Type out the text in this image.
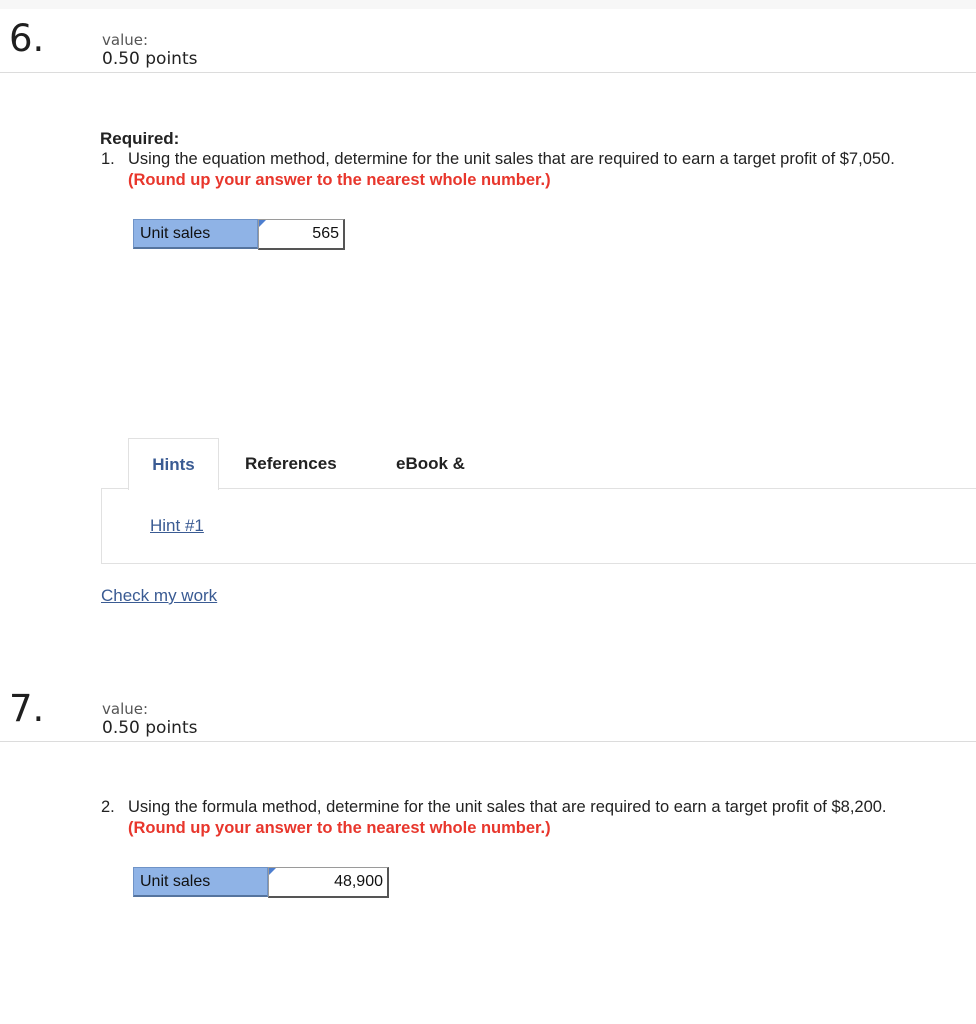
6.	value:
0.50 points
Required:
1. Using the equation method, determine for the unit sales that are required to earn a target profit of $7,050. (Round up your answer to the nearest whole number.)
Unit sales	565
Hints	References	eBook &
Hint #1
Check my work
7.	value:
0.50 points
2. Using the formula method, determine for the unit sales that are required to earn a target profit of $8,200.
(Round up your answer to the nearest whole number.)
Unit sales	48,900
